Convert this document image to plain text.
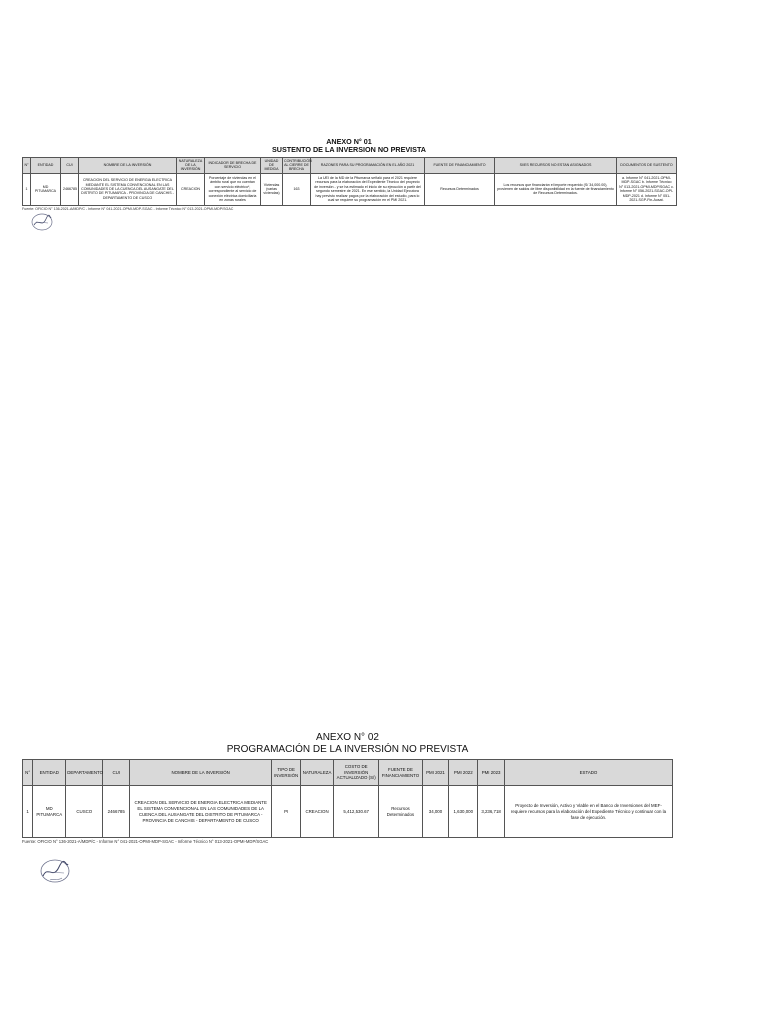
ANEXO N° 01
SUSTENTO DE LA INVERSION NO PREVISTA
N°	ENTIDAD	CUI	NOMBRE DE LA INVERSIÓN	NATURALEZA DE LA INVERSIÓN	INDICADOR DE BRECHA DE SERVICIO	UNIDAD DE MEDIDA	CONTRIBUCIÓN AL CIERRE DE BRECHA	RAZONES PARA SU PROGRAMACIÓN EN EL AÑO 2021	FUENTE DE FINANCIAMIENTO	SI/ES RECURSOS NO ESTAN ASIGNADOS	DOCUMENTOS DE SUSTENTO
1	MD PITUMARCA	2466785	CREACION DEL SERVICIO DE ENERGIA ELECTRICA MEDIANTE EL SISTEMA CONVENCIONAL EN LAS COMUNIDADES DE LA CUENCA DEL AUSANGATE DEL DISTRITO DE PITUMARCA - PROVINCIA DE CANCHIS - DEPARTAMENTO DE CUSCO	CREACION	Porcentaje de viviendas en el ámbito rural que no cuentan con servicio eléctrico*, correspondiente al servicio de conexión eléctrica domiciliaria en zonas rurales	Viviendas (varias viviendas)	163	La UEI de la MD de la Pitumarca señaló para el 2021 requiere recursos para la elaboración del Expediente Técnico del proyecto de inversión - y se ha estimado el inicio de su ejecución a partir del segundo semestre de 2021. En ese sentido, la Unidad Ejecutora hay previsto realizar pagos por la elaboración del estudio, para lo cual se requiere su programación en el PMI 2021.	Recursos Determinados	Los recursos que financiarán el importe requerido (S/ 34,000.00), provienen de saldos de libre disponibilidad en la fuente de financiamiento de Recursos Determinados.	a. Informe N° 041-2021-OPMI-MDP-SGAC b. Informe Técnico N° 013-2021-OPMI-MDP/SGAC c. Informe N° 056-2021-SGAC-OPI-MDP-2021 d. Informe N° 051-2021-SGP-Fin-Ausat.
Fuente: OFICIO N° 136-2021-A/MDP/C - Informe N° 041-2021-OPMI-MDP-SGAC - Informe Técnico N° 013-2021-OPMI-MDP/SGAC
ANEXO N° 02
PROGRAMACIÓN DE LA INVERSIÓN NO PREVISTA
N°	ENTIDAD	DEPARTAMENTO	CUI	NOMBRE DE LA INVERSIÓN	TIPO DE INVERSIÓN	NATURALEZA	COSTO DE INVERSIÓN ACTUALIZADO (S/)	FUENTE DE FINANCIAMIENTO	PMI 2021	PMI 2022	PMI 2023	ESTADO
1	MD PITUMARCA	CUSCO	2466785	CREACION DEL SERVICIO DE ENERGIA ELECTRICA MEDIANTE EL SISTEMA CONVENCIONAL EN LAS COMUNIDADES DE LA CUENCA DEL AUSANGATE DEL DISTRITO DE PITUMARCA - PROVINCIA DE CANCHIS - DEPARTAMENTO DE CUSCO	PI	CREACION	5,412,530.67	Recursos Determinados	34,000	1,630,000	3,236,718	Proyecto de Inversión, Activo y Viable en el Banco de Inversiones del MEF- requiere recursos para la elaboración del Expediente Técnico y continuar con la fase de ejecución.
Fuente: OFICIO N° 136-2021-A/MDP/C - Informe N° 041-2021-OPMI-MDP-SGAC - Informe Técnico N° 013-2021-OPMI-MDP/SGAC
